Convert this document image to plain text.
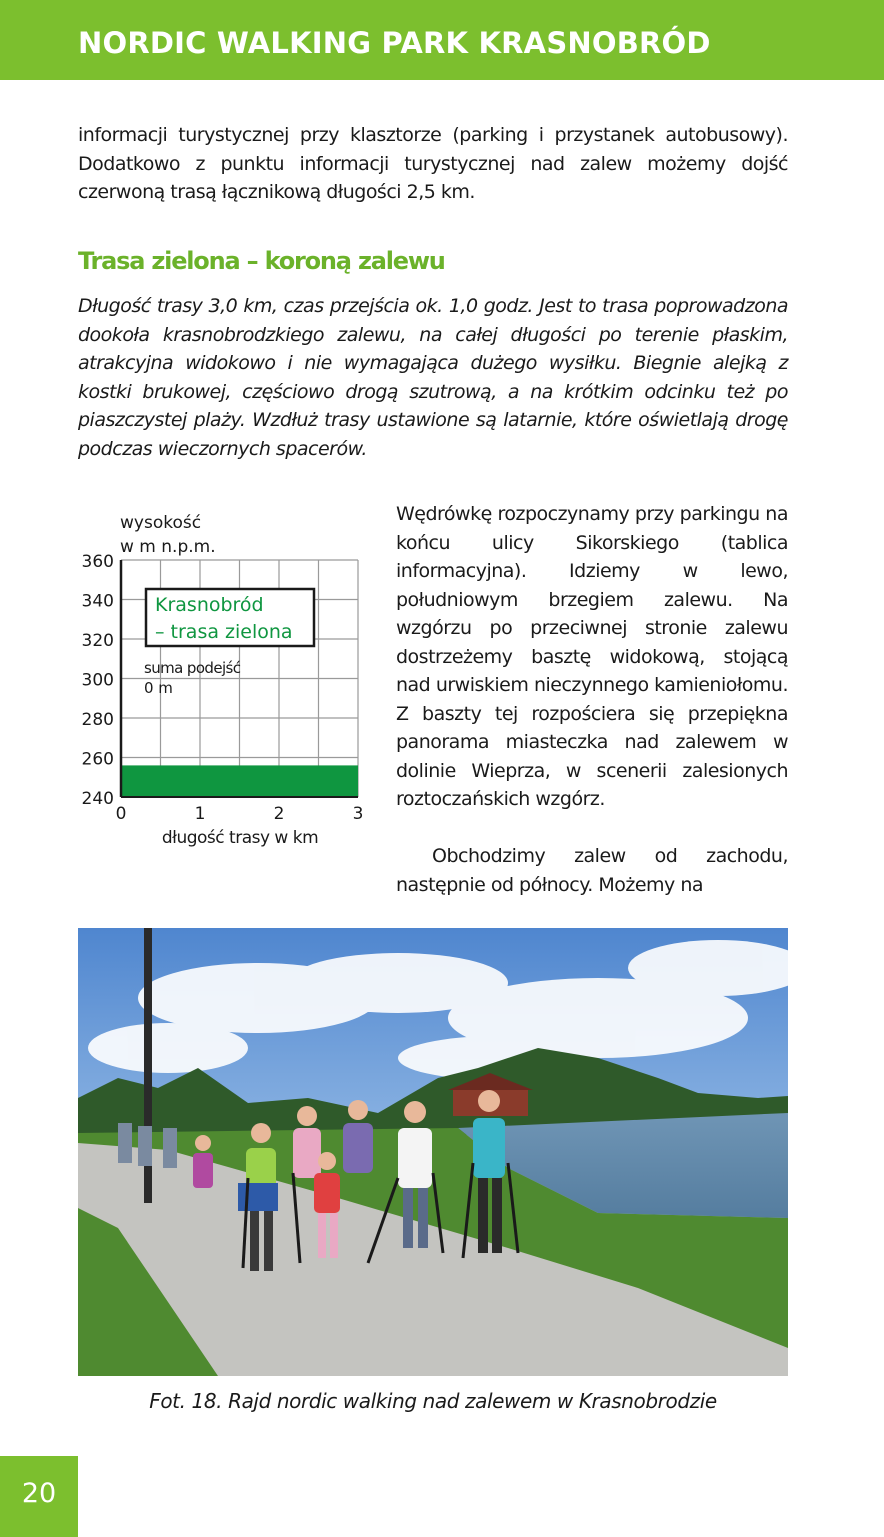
NORDIC WALKING PARK KRASNOBRÓD

informacji turystycznej przy klasztorze (parking i przystanek autobusowy). Dodatkowo z punktu informacji turystycznej nad zalew możemy dojść czerwoną trasą łącznikową długości 2,5 km.

Trasa zielona – koroną zalewu

Długość trasy 3,0 km, czas przejścia ok. 1,0 godz. Jest to trasa poprowadzona dookoła krasnobrodzkiego zalewu, na całej długości po terenie płaskim, atrakcyjna widokowo i nie wymagająca dużego wysiłku. Biegnie alejką z kostki brukowej, częściowo drogą szutrową, a na krótkim odcinku też po piaszczystej plaży. Wzdłuż trasy ustawione są latarnie, które oświetlają drogę podczas wieczornych spacerów.

wysokość
w m n.p.m.
360
340
320
300
280
260
240
0	1	2	3
Krasnobród
– trasa zielona
suma podejść
0 m
długość trasy w km

Wędrówkę rozpoczynamy przy parkingu na końcu ulicy Sikorskiego (tablica informacyjna). Idziemy w lewo, południowym brzegiem zalewu. Na wzgórzu po przeciwnej stronie zalewu dostrzeżemy basztę widokową, stojącą nad urwiskiem nieczynnego kamieniołomu. Z baszty tej rozpościera się przepiękna panorama miasteczka nad zalewem w dolinie Wieprza, w scenerii zalesionych roztoczańskich wzgórz.

Obchodzimy zalew od zachodu, następnie od północy. Możemy na

Fot. 18. Rajd nordic walking nad zalewem w Krasnobrodzie

20
